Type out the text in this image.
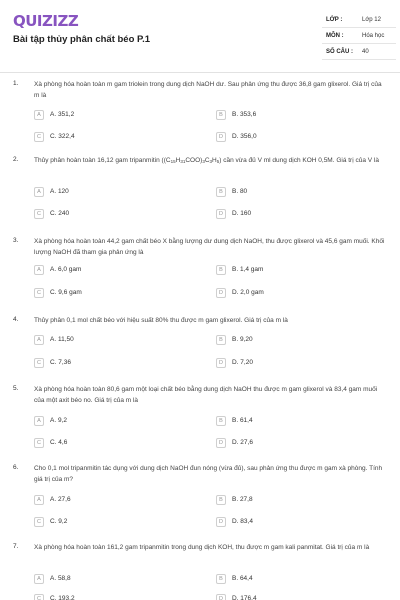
QUIZIZZ
Bài tập thủy phân chất béo P.1
LỚP :	Lớp 12
MÔN :	Hóa học
SỐ CÂU : 40
1. Xà phòng hóa hoàn toàn m gam triolein trong dung dịch NaOH dư. Sau phản ứng thu được 36,8 gam glixerol. Giá trị của m là
A	A. 351,2	B	B. 353,6
C	C. 322,4	D	D. 356,0
2. Thủy phân hoàn toàn 16,12 gam tripanmitin $((C_{15}H_{31}COO)_3C_3H_5)$ cần vừa đủ V ml dung dịch KOH 0,5M. Giá trị của V là
A	A. 120	B	B. 80
C	C. 240	D	D. 160
3. Xà phòng hóa hoàn toàn 44,2 gam chất béo X bằng lượng dư dung dịch NaOH, thu được glixerol và 45,6 gam muối. Khối lượng NaOH đã tham gia phản ứng là
A	A. 6,0 gam	B	B. 1,4 gam
C	C. 9,6 gam	D	D. 2,0 gam
4. Thủy phân 0,1 mol chất béo với hiệu suất 80% thu được m gam glixerol. Giá trị của m là
A	A. 11,50	B	B. 9,20
C	C. 7,36	D	D. 7,20
5. Xà phòng hóa hoàn toàn 80,6 gam một loại chất béo bằng dung dịch NaOH thu được m gam glixerol và 83,4 gam muối của một axit béo no. Giá trị của m là
A	A. 9,2	B	B. 61,4
C	C. 4,6	D	D. 27,6
6. Cho 0,1 mol tripanmitin tác dụng với dung dịch NaOH đun nóng (vừa đủ), sau phản ứng thu được m gam xà phòng. Tính giá trị của m?
A	A. 27,6	B	B. 27,8
C	C. 9,2	D	D. 83,4
7. Xà phòng hóa hoàn toàn 161,2 gam tripanmitin trong dung dịch KOH, thu được m gam kali panmitat. Giá trị của m là
A	A. 58,8	B	B. 64,4
C	C. 193,2	D	D. 176,4
